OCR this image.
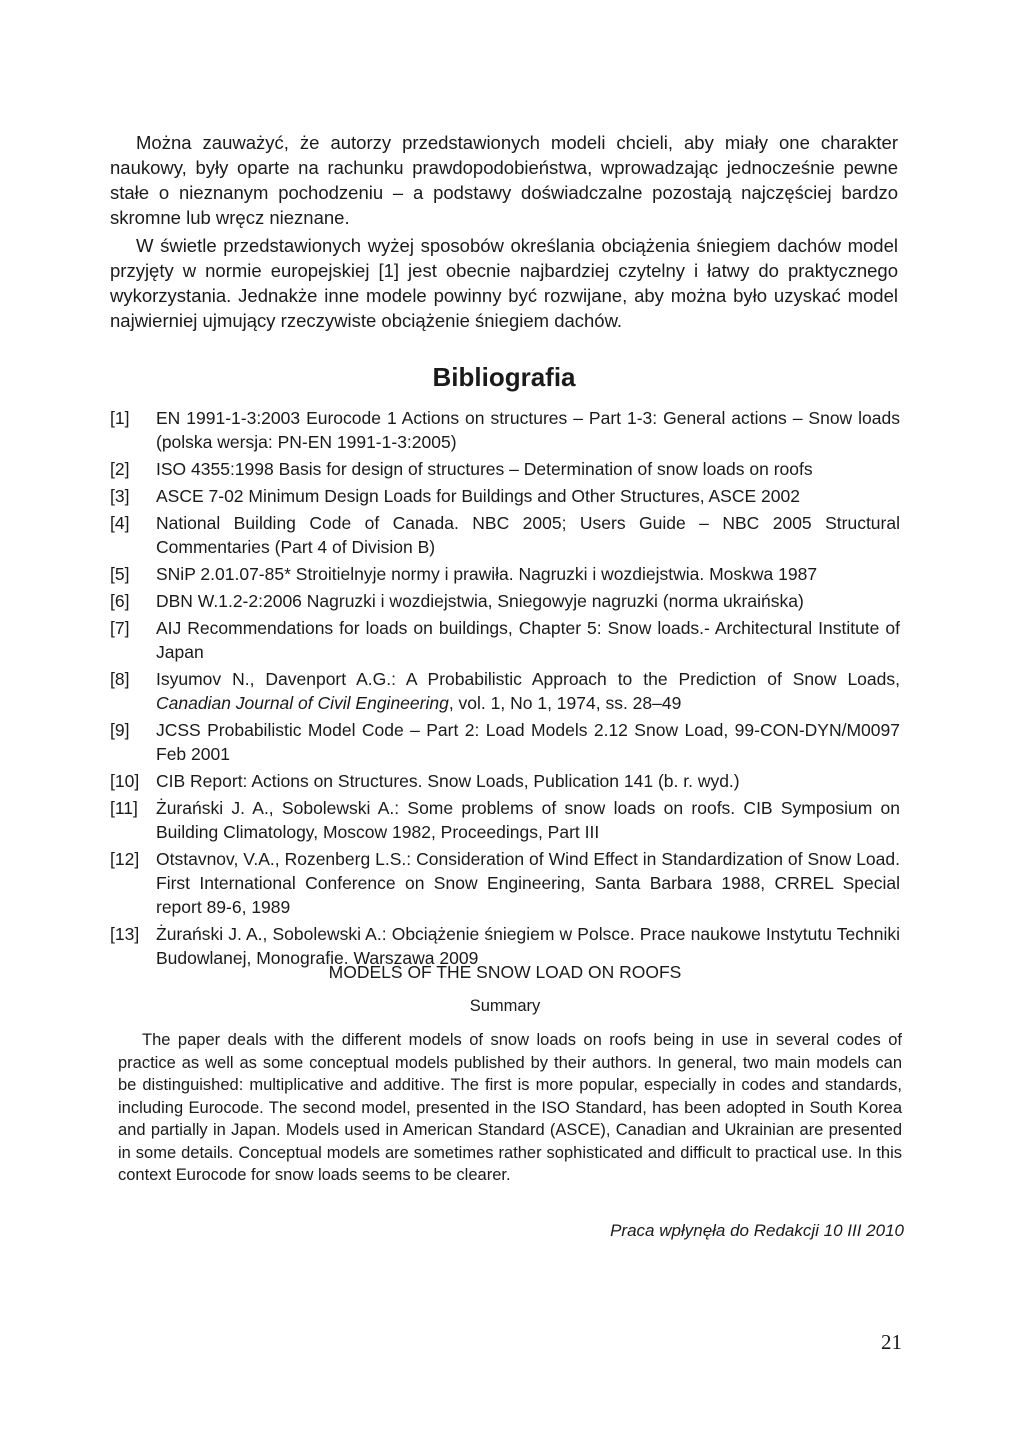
Można zauważyć, że autorzy przedstawionych modeli chcieli, aby miały one charakter naukowy, były oparte na rachunku prawdopodobieństwa, wprowadzając jednocześnie pewne stałe o nieznanym pochodzeniu – a podstawy doświadczalne pozostają najczęściej bardzo skromne lub wręcz nieznane.

W świetle przedstawionych wyżej sposobów określania obciążenia śniegiem dachów model przyjęty w normie europejskiej [1] jest obecnie najbardziej czytelny i łatwy do praktycznego wykorzystania. Jednakże inne modele powinny być rozwijane, aby można było uzyskać model najwierniej ujmujący rzeczywiste obciążenie śniegiem dachów.

Bibliografia
[1]	EN 1991-1-3:2003 Eurocode 1 Actions on structures – Part 1-3: General actions – Snow loads (polska wersja: PN-EN 1991-1-3:2005)
[2]	ISO 4355:1998 Basis for design of structures – Determination of snow loads on roofs
[3]	ASCE 7-02 Minimum Design Loads for Buildings and Other Structures, ASCE 2002
[4]	National Building Code of Canada. NBC 2005; Users Guide – NBC 2005 Structural Commentaries (Part 4 of Division B)
[5]	SNiP 2.01.07-85* Stroitielnyje normy i prawiła. Nagruzki i wozdiejstwia. Moskwa 1987
[6]	DBN W.1.2-2:2006 Nagruzki i wozdiejstwia, Sniegowyje nagruzki (norma ukraińska)
[7]	AIJ Recommendations for loads on buildings, Chapter 5: Snow loads.- Architectural Institute of Japan
[8]	Isyumov N., Davenport A.G.: A Probabilistic Approach to the Prediction of Snow Loads, Canadian Journal of Civil Engineering, vol. 1, No 1, 1974, ss. 28–49
[9]	JCSS Probabilistic Model Code – Part 2: Load Models 2.12 Snow Load, 99-CON-DYN/M0097 Feb 2001
[10] CIB Report: Actions on Structures. Snow Loads, Publication 141 (b. r. wyd.)
[11]	Żurański J. A., Sobolewski A.: Some problems of snow loads on roofs. CIB Symposium on Building Climatology, Moscow 1982, Proceedings, Part III
[12] Otstavnov, V.A., Rozenberg L.S.: Consideration of Wind Effect in Standardization of Snow Load. First International Conference on Snow Engineering, Santa Barbara 1988, CRREL Special report 89-6, 1989
[13] Żurański J. A., Sobolewski A.: Obciążenie śniegiem w Polsce. Prace naukowe Instytutu Techniki Budowlanej, Monografie. Warszawa 2009

MODELS OF THE SNOW LOAD ON ROOFS

Summary

The paper deals with the different models of snow loads on roofs being in use in several codes of practice as well as some conceptual models published by their authors. In general, two main models can be distinguished: multiplicative and additive. The first is more popular, especially in codes and standards, including Eurocode. The second model, presented in the ISO Standard, has been adopted in South Korea and partially in Japan. Models used in American Standard (ASCE), Canadian and Ukrainian are presented in some details. Conceptual models are sometimes rather sophisticated and difficult to practical use. In this context Eurocode for snow loads seems to be clearer.

Praca wpłynęła do Redakcji 10 III 2010

21
